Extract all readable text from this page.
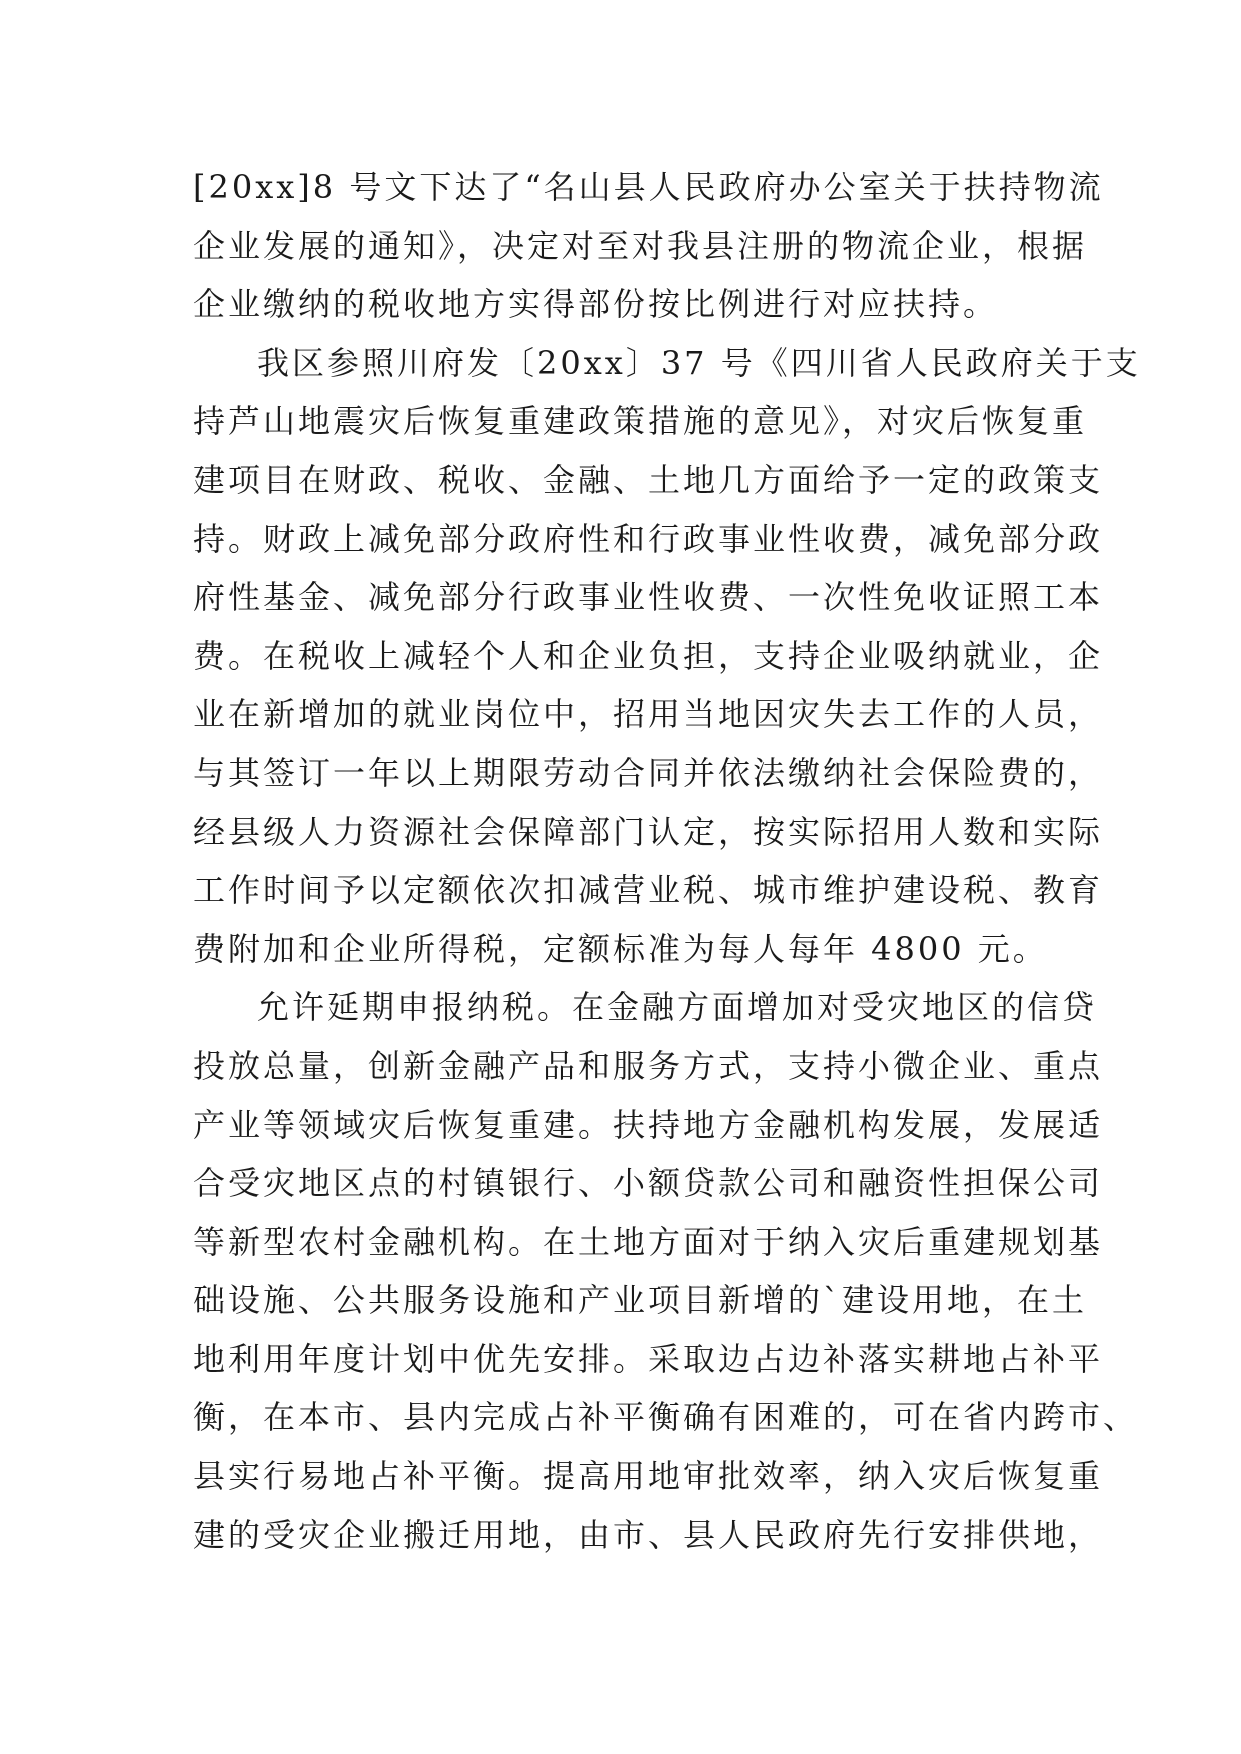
[20xx]8 号文下达了“名山县人民政府办公室关于扶持物流
企业发展的通知》，决定对至对我县注册的物流企业，根据
企业缴纳的税收地方实得部份按比例进行对应扶持。
我区参照川府发〔20xx〕37 号《四川省人民政府关于支
持芦山地震灾后恢复重建政策措施的意见》，对灾后恢复重
建项目在财政、税收、金融、土地几方面给予一定的政策支
持。财政上减免部分政府性和行政事业性收费，减免部分政
府性基金、减免部分行政事业性收费、一次性免收证照工本
费。在税收上减轻个人和企业负担，支持企业吸纳就业，企
业在新增加的就业岗位中，招用当地因灾失去工作的人员，
与其签订一年以上期限劳动合同并依法缴纳社会保险费的，
经县级人力资源社会保障部门认定，按实际招用人数和实际
工作时间予以定额依次扣减营业税、城市维护建设税、教育
费附加和企业所得税，定额标准为每人每年 4800 元。
允许延期申报纳税。在金融方面增加对受灾地区的信贷
投放总量，创新金融产品和服务方式，支持小微企业、重点
产业等领域灾后恢复重建。扶持地方金融机构发展，发展适
合受灾地区点的村镇银行、小额贷款公司和融资性担保公司
等新型农村金融机构。在土地方面对于纳入灾后重建规划基
础设施、公共服务设施和产业项目新增的`建设用地，在土
地利用年度计划中优先安排。采取边占边补落实耕地占补平
衡，在本市、县内完成占补平衡确有困难的，可在省内跨市、
县实行易地占补平衡。提高用地审批效率，纳入灾后恢复重
建的受灾企业搬迁用地，由市、县人民政府先行安排供地，
